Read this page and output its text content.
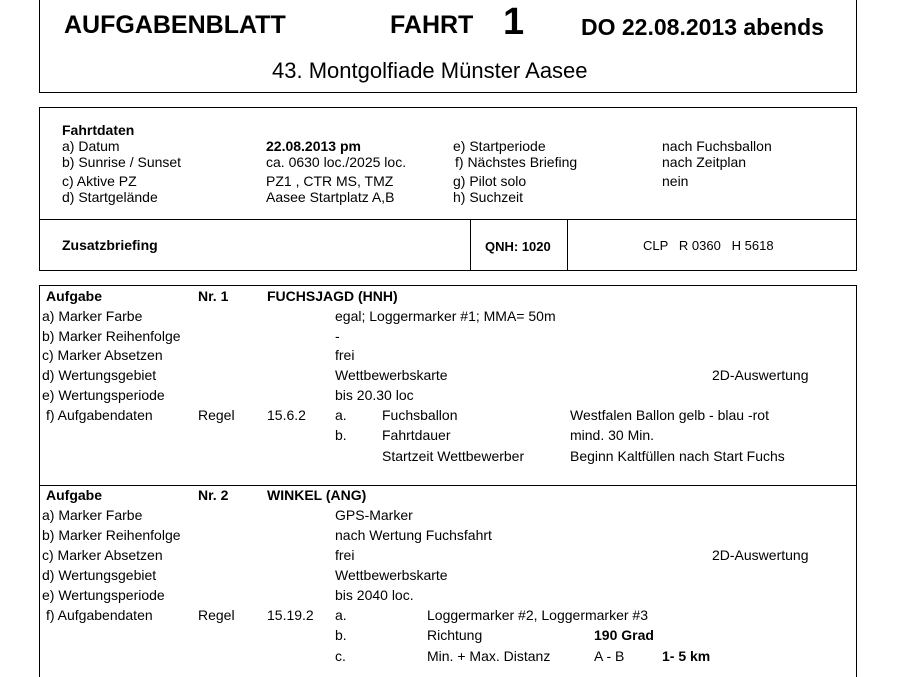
AUFGABENBLATT	FAHRT 1 DO 22.08.2013 abends
43. Montgolfiade Münster Aasee
Fahrtdaten
a) Datum	22.08.2013 pm
b) Sunrise / Sunset	ca. 0630 loc./2025 loc.
c) Aktive PZ	PZ1 , CTR MS, TMZ
d) Startgelände	Aasee Startplatz A,B
e) Startperiode	nach Fuchsballon
f) Nächstes Briefing	nach Zeitplan
g) Pilot solo	nein
h) Suchzeit
Zusatzbriefing	QNH: 1020	CLP   R 0360   H 5618
Aufgabe	Nr. 1	FUCHSJAGD (HNH)
a) Marker Farbe	egal; Loggermarker #1; MMA= 50m
b) Marker Reihenfolge	-
c) Marker Absetzen	frei
d) Wertungsgebiet	Wettbewerbskarte	2D-Auswertung
e) Wertungsperiode	bis 20.30 loc
f) Aufgabendaten	Regel 15.6.2 a.	Fuchsballon	Westfalen Ballon gelb - blau -rot
b.	Fahrtdauer	mind. 30 Min.
Startzeit Wettbewerber	Beginn Kaltfüllen nach Start Fuchs
Aufgabe	Nr. 2	WINKEL (ANG)
a) Marker Farbe	GPS-Marker
b) Marker Reihenfolge	nach Wertung Fuchsfahrt
c) Marker Absetzen	frei	2D-Auswertung
d) Wertungsgebiet	Wettbewerbskarte
e) Wertungsperiode	bis 2040 loc.
f) Aufgabendaten	Regel 15.19.2 a.	Loggermarker #2, Loggermarker #3
b.	Richtung	190 Grad
c.	Min. + Max. Distanz	A - B	1- 5 km
